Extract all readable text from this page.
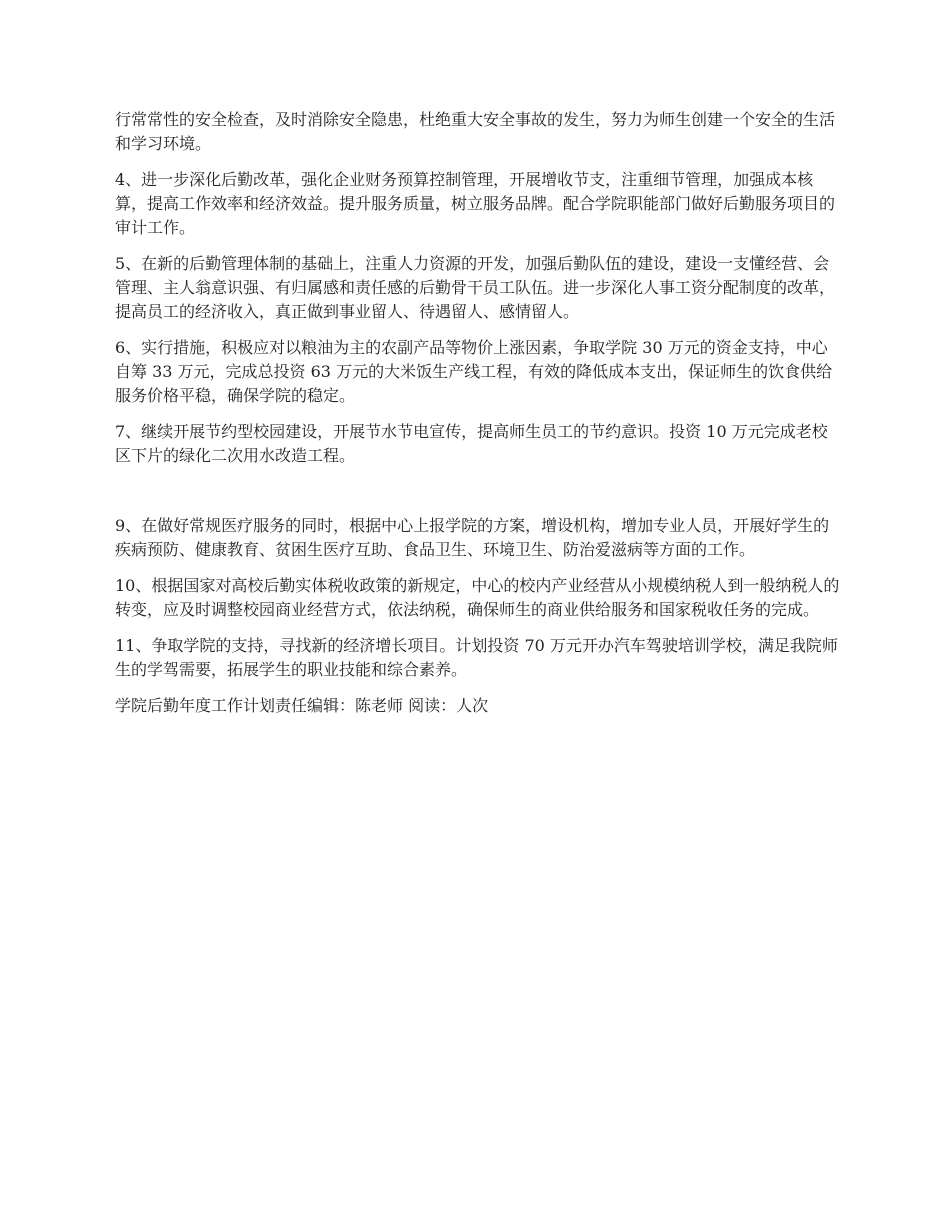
行常常性的安全检查，及时消除安全隐患，杜绝重大安全事故的发生，努力为师生创建一个安全的生活和学习环境。

4、进一步深化后勤改革，强化企业财务预算控制管理，开展增收节支，注重细节管理，加强成本核算，提高工作效率和经济效益。提升服务质量，树立服务品牌。配合学院职能部门做好后勤服务项目的审计工作。

5、在新的后勤管理体制的基础上，注重人力资源的开发，加强后勤队伍的建设，建设一支懂经营、会管理、主人翁意识强、有归属感和责任感的后勤骨干员工队伍。进一步深化人事工资分配制度的改革，提高员工的经济收入，真正做到事业留人、待遇留人、感情留人。

6、实行措施，积极应对以粮油为主的农副产品等物价上涨因素，争取学院 30 万元的资金支持，中心自筹 33 万元，完成总投资 63 万元的大米饭生产线工程，有效的降低成本支出，保证师生的饮食供给服务价格平稳，确保学院的稳定。

7、继续开展节约型校园建设，开展节水节电宣传，提高师生员工的节约意识。投资 10 万元完成老校区下片的绿化二次用水改造工程。

9、在做好常规医疗服务的同时，根据中心上报学院的方案，增设机构，增加专业人员，开展好学生的疾病预防、健康教育、贫困生医疗互助、食品卫生、环境卫生、防治爱滋病等方面的工作。

10、根据国家对高校后勤实体税收政策的新规定，中心的校内产业经营从小规模纳税人到一般纳税人的转变，应及时调整校园商业经营方式，依法纳税，确保师生的商业供给服务和国家税收任务的完成。

11、争取学院的支持，寻找新的经济增长项目。计划投资 70 万元开办汽车驾驶培训学校，满足我院师生的学驾需要，拓展学生的职业技能和综合素养。

学院后勤年度工作计划责任编辑：陈老师 阅读：人次
